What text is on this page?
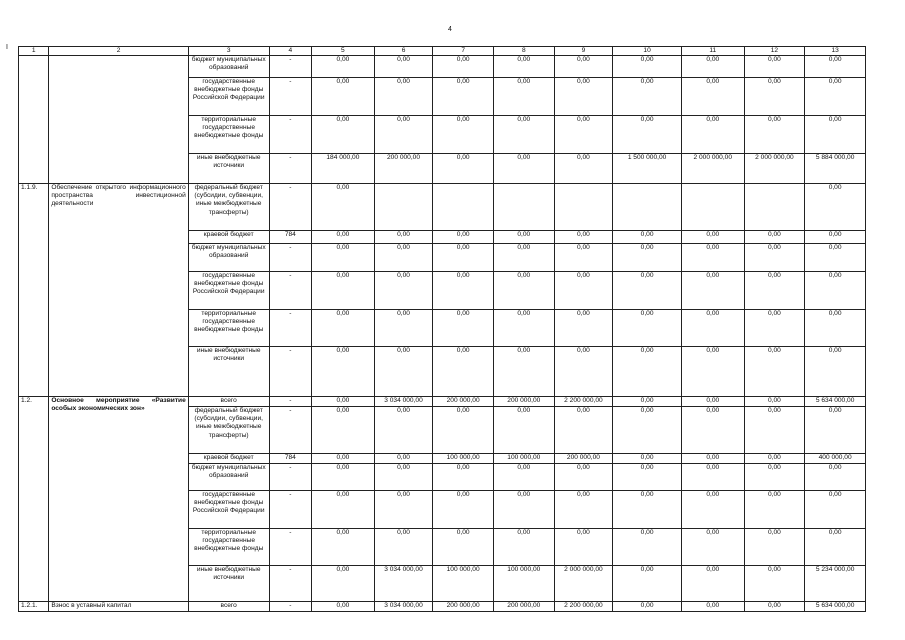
4
I	1	2	3	4	5	6	7	8	9	10	11	12	13
		бюджет муниципальных образований	-	0,00	0,00	0,00	0,00	0,00	0,00	0,00	0,00	0,00
		государственные внебюджетные фонды Российской Федерации	-	0,00	0,00	0,00	0,00	0,00	0,00	0,00	0,00	0,00
		территориальные государственные внебюджетные фонды	-	0,00	0,00	0,00	0,00	0,00	0,00	0,00	0,00	0,00
		иные внебюджетные источники	-	184 000,00	200 000,00	0,00	0,00	0,00	1 500 000,00	2 000 000,00	2 000 000,00	5 884 000,00
1.1.9.	Обеспечение открытого информационного пространства инвестиционной деятельности	федеральный бюджет (субсидии, субвенции, иные межбюджетные трансферты)	-	0,00								0,00
		краевой бюджет	784	0,00	0,00	0,00	0,00	0,00	0,00	0,00	0,00	0,00
		бюджет муниципальных образований	-	0,00	0,00	0,00	0,00	0,00	0,00	0,00	0,00	0,00
		государственные внебюджетные фонды Российской Федерации	-	0,00	0,00	0,00	0,00	0,00	0,00	0,00	0,00	0,00
		территориальные государственные внебюджетные фонды	-	0,00	0,00	0,00	0,00	0,00	0,00	0,00	0,00	0,00
		иные внебюджетные источники	-	0,00	0,00	0,00	0,00	0,00	0,00	0,00	0,00	0,00
1.2.	Основное мероприятие «Развитие особых экономических зон»	всего	-	0,00	3 034 000,00	200 000,00	200 000,00	2 200 000,00	0,00	0,00	0,00	5 634 000,00
		федеральный бюджет (субсидии, субвенции, иные межбюджетные трансферты)	-	0,00	0,00	0,00	0,00	0,00	0,00	0,00	0,00	0,00
		краевой бюджет	784	0,00	0,00	100 000,00	100 000,00	200 000,00	0,00	0,00	0,00	400 000,00
		бюджет муниципальных образований	-	0,00	0,00	0,00	0,00	0,00	0,00	0,00	0,00	0,00
		государственные внебюджетные фонды Российской Федерации	-	0,00	0,00	0,00	0,00	0,00	0,00	0,00	0,00	0,00
		территориальные государственные внебюджетные фонды	-	0,00	0,00	0,00	0,00	0,00	0,00	0,00	0,00	0,00
		иные внебюджетные источники	-	0,00	3 034 000,00	100 000,00	100 000,00	2 000 000,00	0,00	0,00	0,00	5 234 000,00
1.2.1.	Взнос в уставный капитал	всего	-	0,00	3 034 000,00	200 000,00	200 000,00	2 200 000,00	0,00	0,00	0,00	5 634 000,00
